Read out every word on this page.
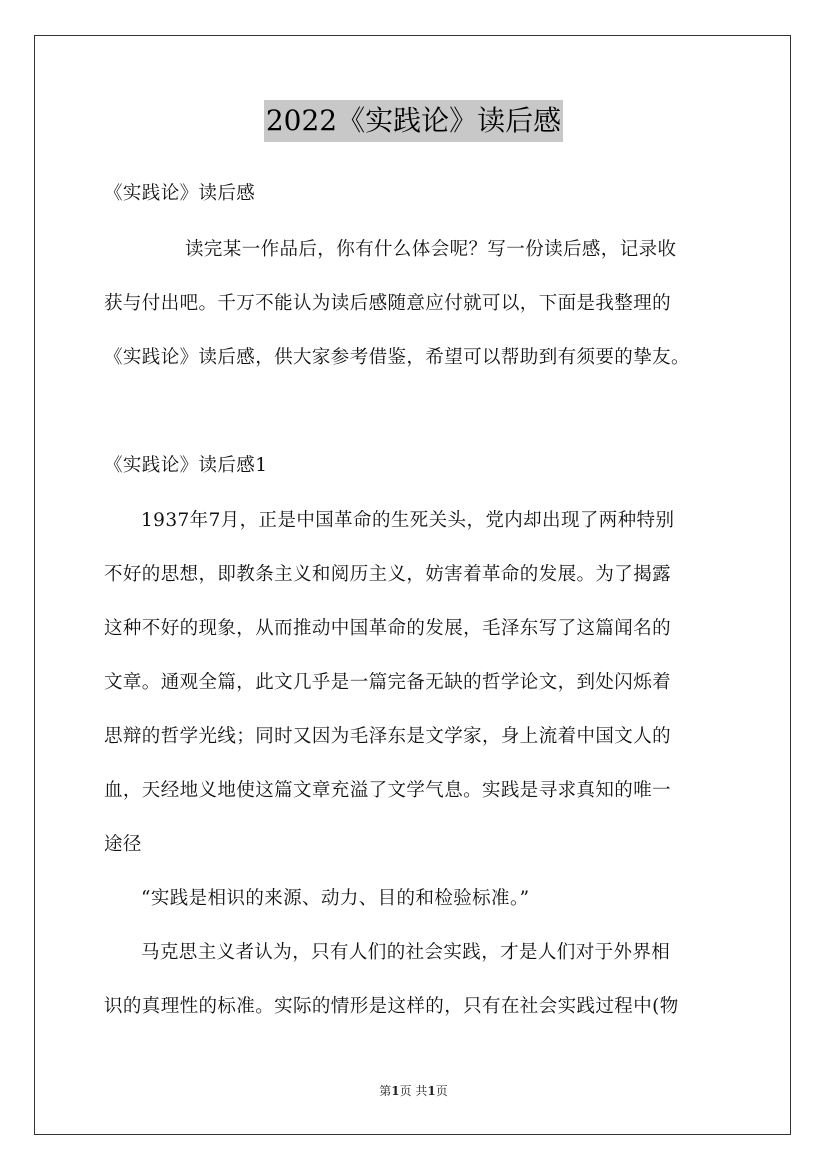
2022《实践论》读后感
《实践论》读后感
读完某一作品后，你有什么体会呢？写一份读后感，记录收
获与付出吧。千万不能认为读后感随意应付就可以，下面是我整理的
《实践论》读后感，供大家参考借鉴，希望可以帮助到有须要的挚友。
《实践论》读后感1
1937年7月，正是中国革命的生死关头，党内却出现了两种特别
不好的思想，即教条主义和阅历主义，妨害着革命的发展。为了揭露
这种不好的现象，从而推动中国革命的发展，毛泽东写了这篇闻名的
文章。通观全篇，此文几乎是一篇完备无缺的哲学论文，到处闪烁着
思辩的哲学光线；同时又因为毛泽东是文学家，身上流着中国文人的
血，天经地义地使这篇文章充溢了文学气息。实践是寻求真知的唯一
途径
“实践是相识的来源、动力、目的和检验标准。”
马克思主义者认为，只有人们的社会实践，才是人们对于外界相
识的真理性的标准。实际的情形是这样的，只有在社会实践过程中(物
第1页 共1页
